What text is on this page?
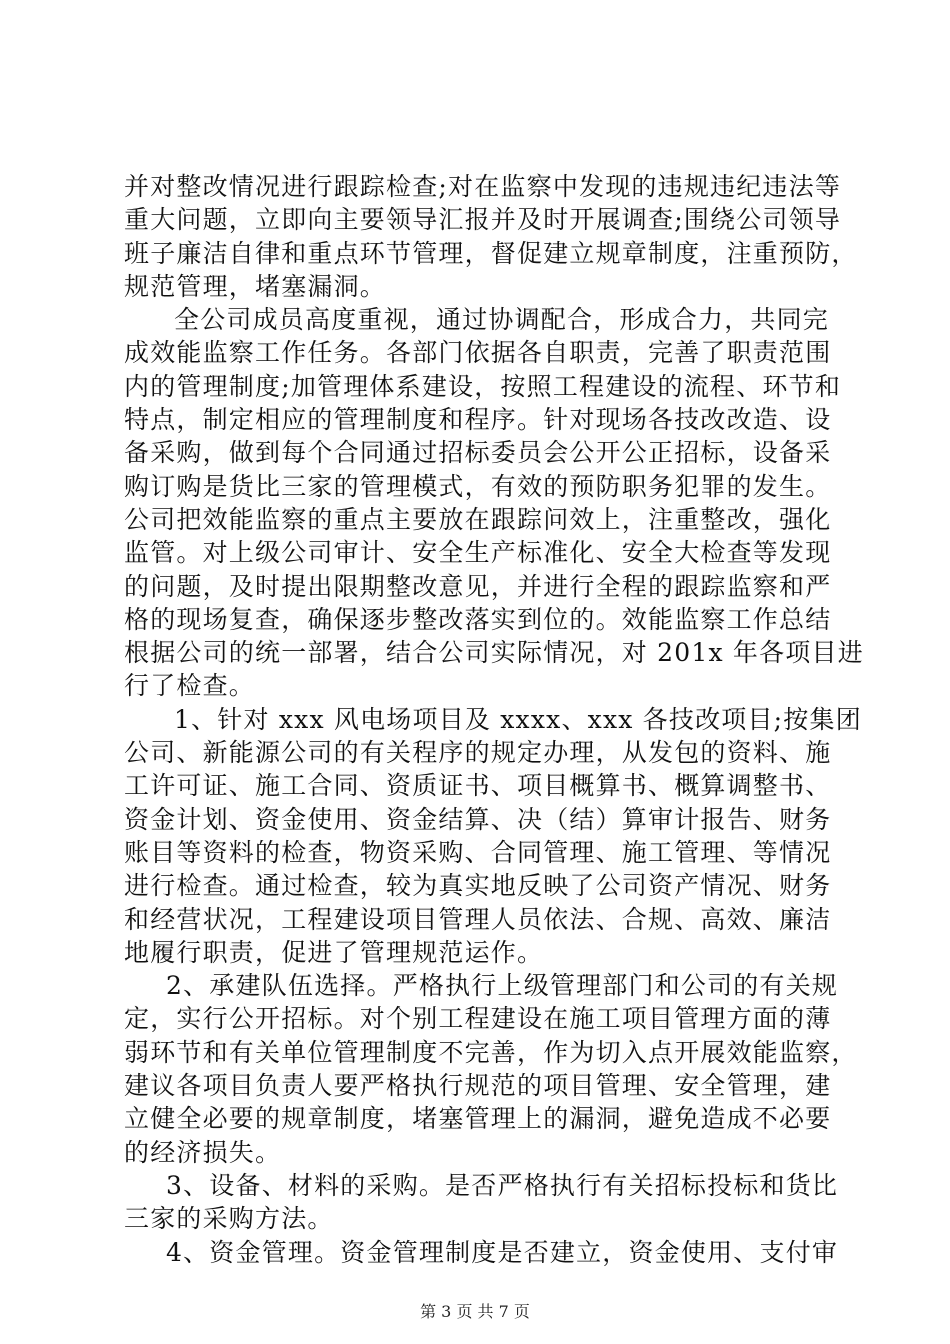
并对整改情况进行跟踪检查;对在监察中发现的违规违纪违法等
重大问题，立即向主要领导汇报并及时开展调查;围绕公司领导
班子廉洁自律和重点环节管理，督促建立规章制度，注重预防，
规范管理，堵塞漏洞。
全公司成员高度重视，通过协调配合，形成合力，共同完
成效能监察工作任务。各部门依据各自职责，完善了职责范围
内的管理制度;加管理体系建设，按照工程建设的流程、环节和
特点，制定相应的管理制度和程序。针对现场各技改改造、设
备采购，做到每个合同通过招标委员会公开公正招标，设备采
购订购是货比三家的管理模式，有效的预防职务犯罪的发生。
公司把效能监察的重点主要放在跟踪问效上，注重整改，强化
监管。对上级公司审计、安全生产标准化、安全大检查等发现
的问题，及时提出限期整改意见，并进行全程的跟踪监察和严
格的现场复查，确保逐步整改落实到位的。效能监察工作总结
根据公司的统一部署，结合公司实际情况，对 201x 年各项目进
行了检查。
1、针对 xxx 风电场项目及 xxxx、xxx 各技改项目;按集团
公司、新能源公司的有关程序的规定办理，从发包的资料、施
工许可证、施工合同、资质证书、项目概算书、概算调整书、
资金计划、资金使用、资金结算、决（结）算审计报告、财务
账目等资料的检查，物资采购、合同管理、施工管理、等情况
进行检查。通过检查，较为真实地反映了公司资产情况、财务
和经营状况，工程建设项目管理人员依法、合规、高效、廉洁
地履行职责，促进了管理规范运作。
2、承建队伍选择。严格执行上级管理部门和公司的有关规
定，实行公开招标。对个别工程建设在施工项目管理方面的薄
弱环节和有关单位管理制度不完善，作为切入点开展效能监察，
建议各项目负责人要严格执行规范的项目管理、安全管理，建
立健全必要的规章制度，堵塞管理上的漏洞，避免造成不必要
的经济损失。
3、设备、材料的采购。是否严格执行有关招标投标和货比
三家的采购方法。
4、资金管理。资金管理制度是否建立，资金使用、支付审
第 3 页 共 7 页
